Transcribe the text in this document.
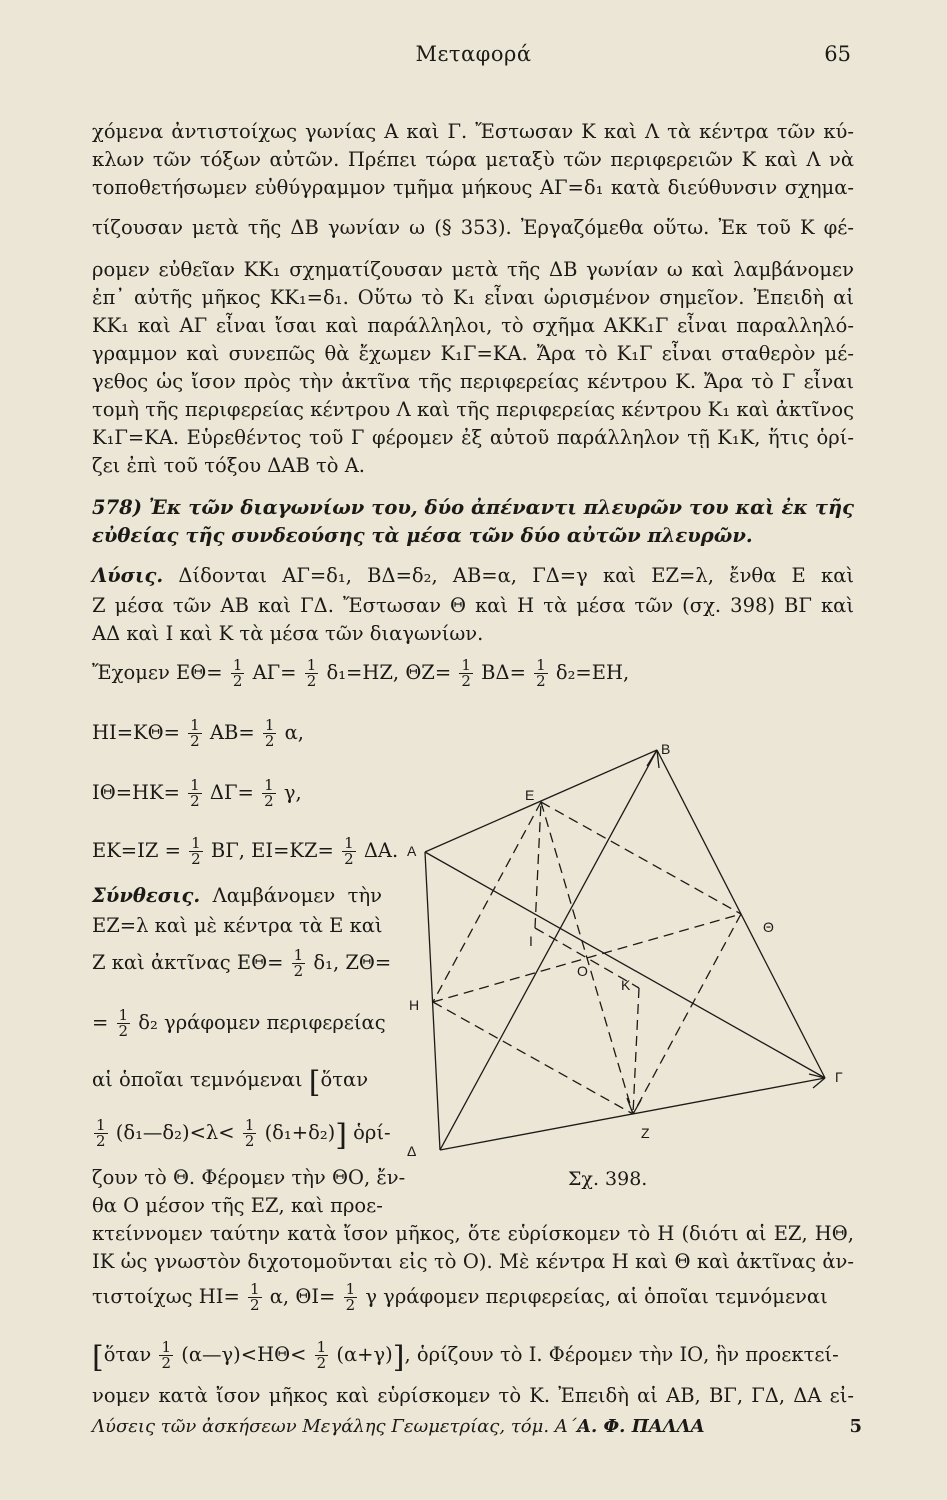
Μεταφορά	65
χόμενα ἀντιστοίχως γωνίας Α καὶ Γ. Ἔστωσαν Κ καὶ Λ τὰ κέντρα τῶν κύ-
κλων τῶν τόξων αὐτῶν. Πρέπει τώρα μεταξὺ τῶν περιφερειῶν Κ καὶ Λ νὰ
τοποθετήσωμεν εὐθύγραμμον τμῆμα μήκους ΑΓ=δ₁ κατὰ διεύθυνσιν σχημα-
τίζουσαν μετὰ τῆς ΔΒ γωνίαν ω (§ 353). Ἐργαζόμεθα οὕτω. Ἐκ τοῦ Κ φέ-
ρομεν εὐθεῖαν ΚΚ₁ σχηματίζουσαν μετὰ τῆς ΔΒ γωνίαν ω καὶ λαμβάνομεν
ἐπ᾿ αὐτῆς μῆκος ΚΚ₁=δ₁. Οὕτω τὸ Κ₁ εἶναι ὡρισμένον σημεῖον. Ἐπειδὴ αἱ
ΚΚ₁ καὶ ΑΓ εἶναι ἴσαι καὶ παράλληλοι, τὸ σχῆμα ΑΚΚ₁Γ εἶναι παραλληλό-
γραμμον καὶ συνεπῶς θὰ ἔχωμεν Κ₁Γ=ΚΑ. Ἄρα τὸ Κ₁Γ εἶναι σταθερὸν μέ-
γεθος ὡς ἴσον πρὸς τὴν ἀκτῖνα τῆς περιφερείας κέντρου Κ. Ἄρα τὸ Γ εἶναι
τομὴ τῆς περιφερείας κέντρου Λ καὶ τῆς περιφερείας κέντρου Κ₁ καὶ ἀκτῖνος
Κ₁Γ=ΚΑ. Εὑρεθέντος τοῦ Γ φέρομεν ἐξ αὐτοῦ παράλληλον τῇ Κ₁Κ, ἥτις ὁρί-
ζει ἐπὶ τοῦ τόξου ΔΑΒ τὸ Α.
578) Ἐκ τῶν διαγωνίων του, δύο ἀπέναντι πλευρῶν του καὶ ἐκ τῆς
εὐθείας τῆς συνδεούσης τὰ μέσα τῶν δύο αὐτῶν πλευρῶν.
Λύσις. Δίδονται ΑΓ=δ₁, ΒΔ=δ₂, ΑΒ=α, ΓΔ=γ καὶ ΕΖ=λ, ἔνθα Ε καὶ
Ζ μέσα τῶν ΑΒ καὶ ΓΔ. Ἔστωσαν Θ καὶ Η τὰ μέσα τῶν (σχ. 398) ΒΓ καὶ
ΑΔ καὶ Ι καὶ Κ τὰ μέσα τῶν διαγωνίων.
Ἔχομεν $E\Theta= \frac{1}{2} A\Gamma= \frac{1}{2} \delta_1=HZ$, $\Theta Z= \frac{1}{2} B\Delta= \frac{1}{2} \delta_2=EH$,
$HI=K\Theta= \frac{1}{2} AB= \frac{1}{2} \alpha$,
$I\Theta=HK= \frac{1}{2} \Delta\Gamma= \frac{1}{2} \gamma$,
$EK=IZ = \frac{1}{2} B\Gamma$, $EI=KZ= \frac{1}{2} \Delta A$.
Σύνθεσις. Λαμβάνομεν τὴν
ΕΖ=λ καὶ μὲ κέντρα τὰ Ε καὶ
Ζ καὶ ἀκτῖνας $E\Theta= \frac{1}{2} \delta_1$, ΖΘ=
= $\frac{1}{2} \delta_2$ γράφομεν περιφερείας
αἱ ὁποῖαι τεμνόμεναι [ὅταν
$\frac{1}{2}$ (δ₁—δ₂)<λ< $\frac{1}{2} (\delta_1+\delta_2)$] ὁρί-
ζουν τὸ Θ. Φέρομεν τὴν ΘΟ, ἔν-
θα Ο μέσον τῆς ΕΖ, καὶ προε-
Α
B
Γ
Δ
E
Z
H
Θ
I
K
O
Σχ. 398.
κτείννομεν ταύτην κατὰ ἴσον μῆκος, ὅτε εὑρίσκομεν τὸ Η (διότι αἱ ΕΖ, ΗΘ,
ΙΚ ὡς γνωστὸν διχοτομοῦνται εἰς τὸ Ο). Μὲ κέντρα Η καὶ Θ καὶ ἀκτῖνας ἀν-
τιστοίχως $HI= \frac{1}{2} \alpha$, $\Theta I= \frac{1}{2}$ γ γράφομεν περιφερείας, αἱ ὁποῖαι τεμνόμεναι
[ὅταν $\frac{1}{2}$ (α—γ)<ΗΘ< $\frac{1}{2} (\alpha+\gamma)$], ὁρίζουν τὸ Ι. Φέρομεν τὴν ΙΟ, ἣν προεκτεί-
νομεν κατὰ ἴσον μῆκος καὶ εὑρίσκομεν τὸ Κ. Ἐπειδὴ αἱ ΑΒ, ΒΓ, ΓΔ, ΔΑ εἰ-
Λύσεις τῶν ἀσκήσεων Μεγάλης Γεωμετρίας, τόμ. Α΄.
Α. Φ. ΠΑΛΛΑ	5
